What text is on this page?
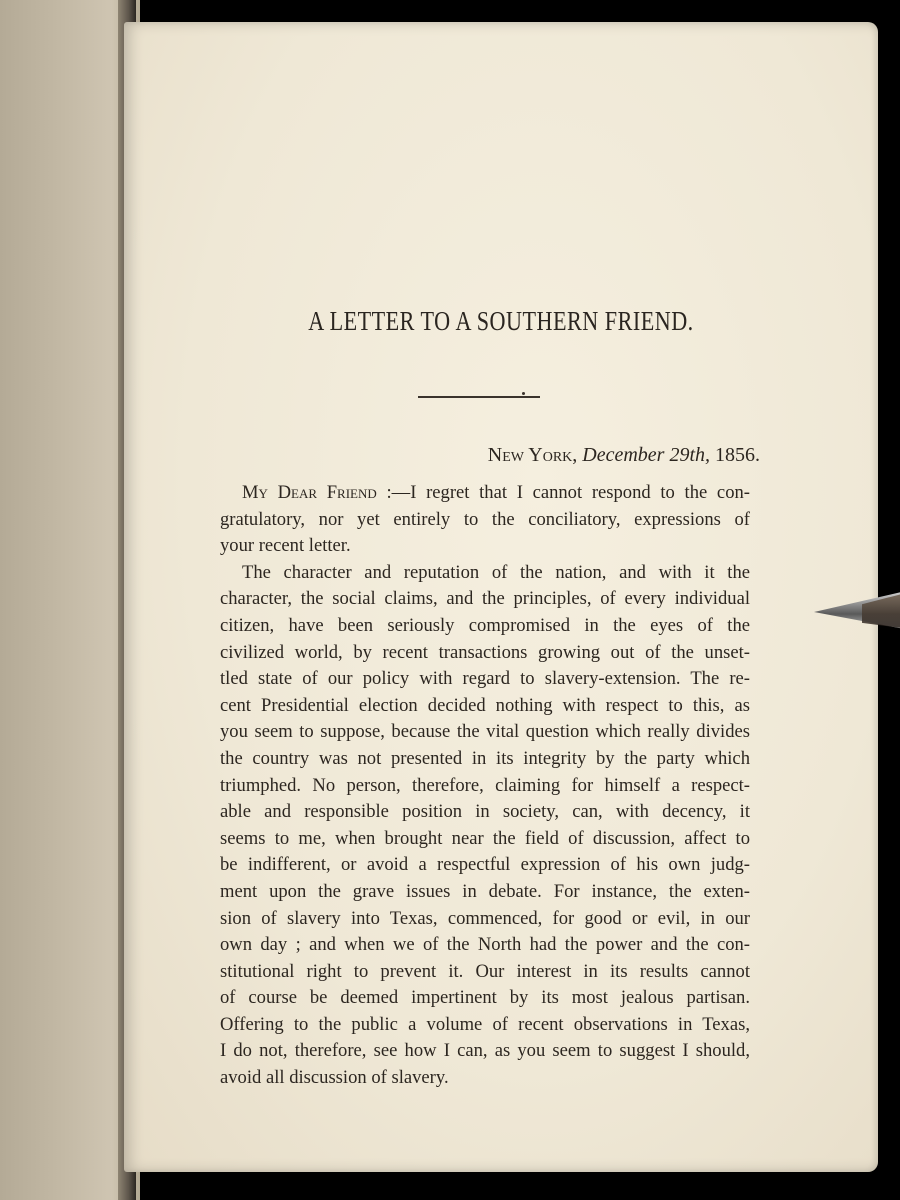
A LETTER TO A SOUTHERN FRIEND.
New York, December 29th, 1856.

My Dear Friend :—I regret that I cannot respond to the con-
gratulatory, nor yet entirely to the conciliatory, expressions of
your recent letter.

The character and reputation of the nation, and with it the
character, the social claims, and the principles, of every individual
citizen, have been seriously compromised in the eyes of the
civilized world, by recent transactions growing out of the unset-
tled state of our policy with regard to slavery-extension. The re-
cent Presidential election decided nothing with respect to this, as
you seem to suppose, because the vital question which really divides
the country was not presented in its integrity by the party which
triumphed. No person, therefore, claiming for himself a respect-
able and responsible position in society, can, with decency, it
seems to me, when brought near the field of discussion, affect to
be indifferent, or avoid a respectful expression of his own judg-
ment upon the grave issues in debate. For instance, the exten-
sion of slavery into Texas, commenced, for good or evil, in our
own day ; and when we of the North had the power and the con-
stitutional right to prevent it. Our interest in its results cannot
of course be deemed impertinent by its most jealous partisan.
Offering to the public a volume of recent observations in Texas,
I do not, therefore, see how I can, as you seem to suggest I should,
avoid all discussion of slavery.
